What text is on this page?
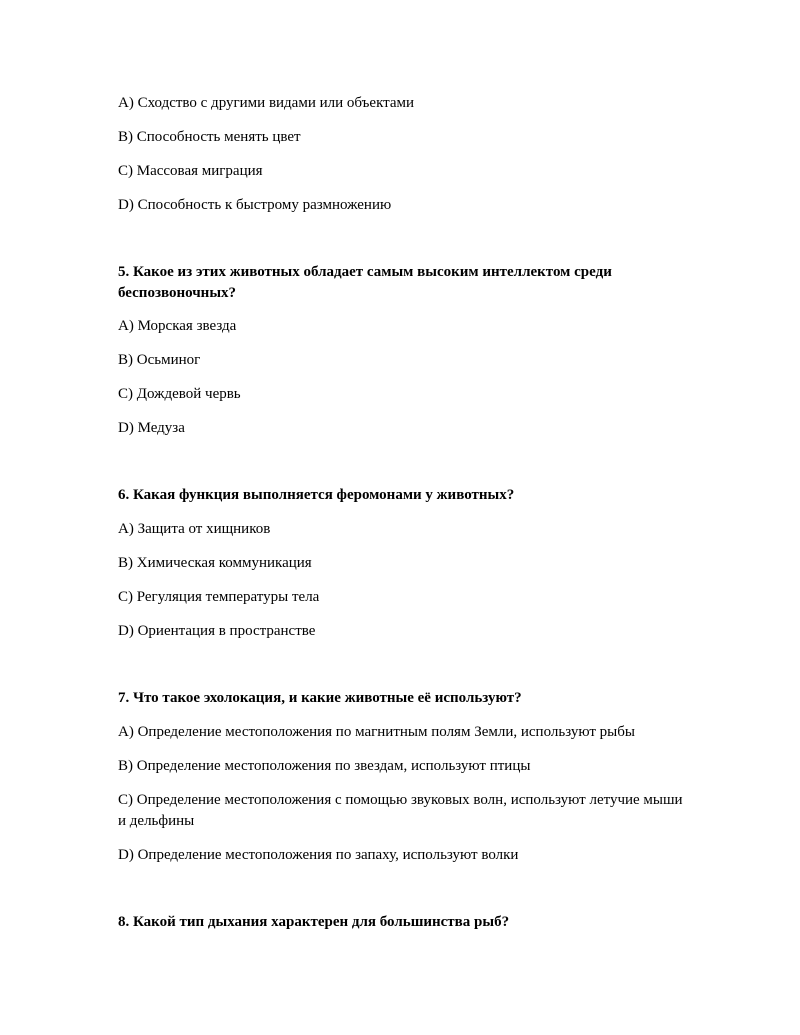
A) Сходство с другими видами или объектами
B) Способность менять цвет
C) Массовая миграция
D) Способность к быстрому размножению
5. Какое из этих животных обладает самым высоким интеллектом среди беспозвоночных?
A) Морская звезда
B) Осьминог
C) Дождевой червь
D) Медуза
6. Какая функция выполняется феромонами у животных?
A) Защита от хищников
B) Химическая коммуникация
C) Регуляция температуры тела
D) Ориентация в пространстве
7. Что такое эхолокация, и какие животные её используют?
A) Определение местоположения по магнитным полям Земли, используют рыбы
B) Определение местоположения по звездам, используют птицы
C) Определение местоположения с помощью звуковых волн, используют летучие мыши и дельфины
D) Определение местоположения по запаху, используют волки
8. Какой тип дыхания характерен для большинства рыб?
